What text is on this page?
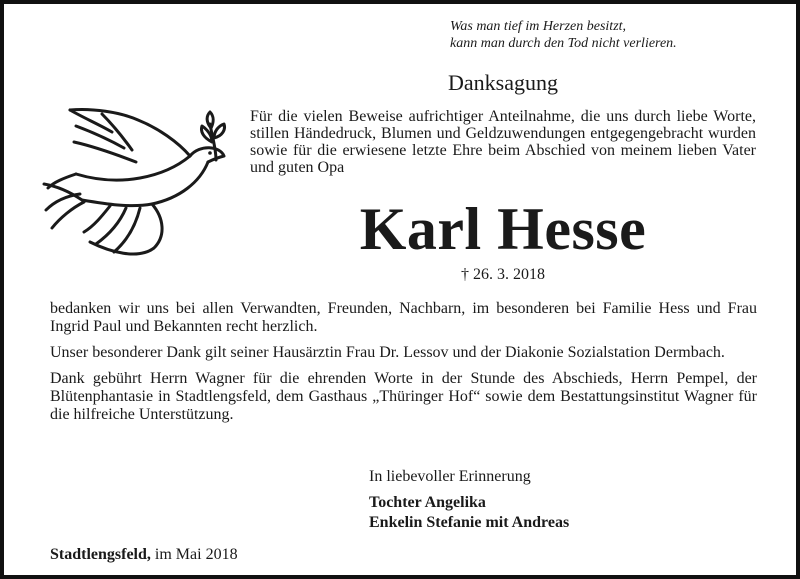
Was man tief im Herzen besitzt,
kann man durch den Tod nicht verlieren.
Danksagung
Für die vielen Beweise aufrichtiger Anteilnahme, die uns durch liebe Worte, stillen Händedruck, Blumen und Geldzuwendungen entgegengebracht wurden sowie für die erwiesene letzte Ehre beim Abschied von meinem lieben Vater und guten Opa
Karl Hesse
† 26. 3. 2018

bedanken wir uns bei allen Verwandten, Freunden, Nachbarn, im besonderen bei Familie Hess und Frau Ingrid Paul und Bekannten recht herzlich.

Unser besonderer Dank gilt seiner Hausärztin Frau Dr. Lessov und der Diakonie Sozialstation Dermbach.

Dank gebührt Herrn Wagner für die ehrenden Worte in der Stunde des Abschieds, Herrn Pempel, der Blütenphantasie in Stadtlengsfeld, dem Gasthaus „Thüringer Hof“ sowie dem Bestattungsinstitut Wagner für die hilfreiche Unterstützung.

In liebevoller Erinnerung
Tochter Angelika
Enkelin Stefanie mit Andreas
Stadtlengsfeld, im Mai 2018
